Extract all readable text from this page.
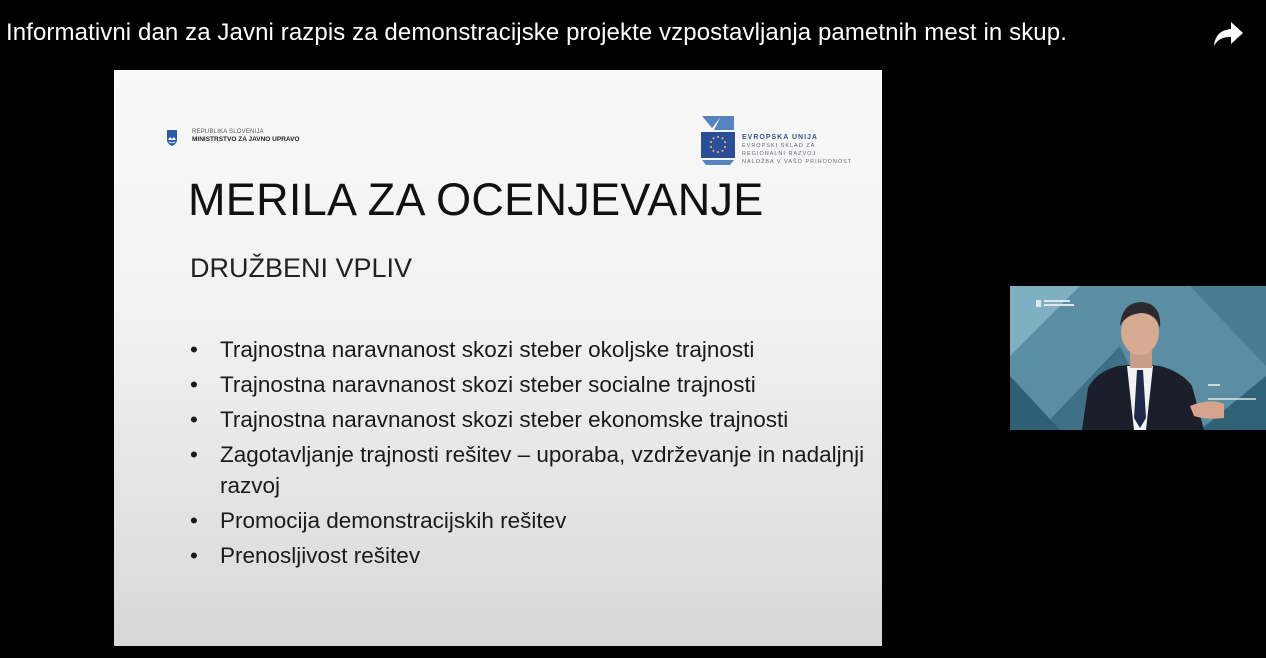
Informativni dan za Javni razpis za demonstracijske projekte vzpostavljanja pametnih mest in skup.
REPUBLIKA SLOVENIJA
MINISTRSTVO ZA JAVNO UPRAVO	EVROPSKA UNIJA
EVROPSKI SKLAD ZA
REGIONALNI RAZVOJ
NALOŽBA V VAŠO PRIHODNOST
MERILA ZA OCENJEVANJE
DRUŽBENI VPLIV
• Trajnostna naravnanost skozi steber okoljske trajnosti
• Trajnostna naravnanost skozi steber socialne trajnosti
• Trajnostna naravnanost skozi steber ekonomske trajnosti
• Zagotavljanje trajnosti rešitev – uporaba, vzdrževanje in nadaljnji razvoj
• Promocija demonstracijskih rešitev
• Prenosljivost rešitev
